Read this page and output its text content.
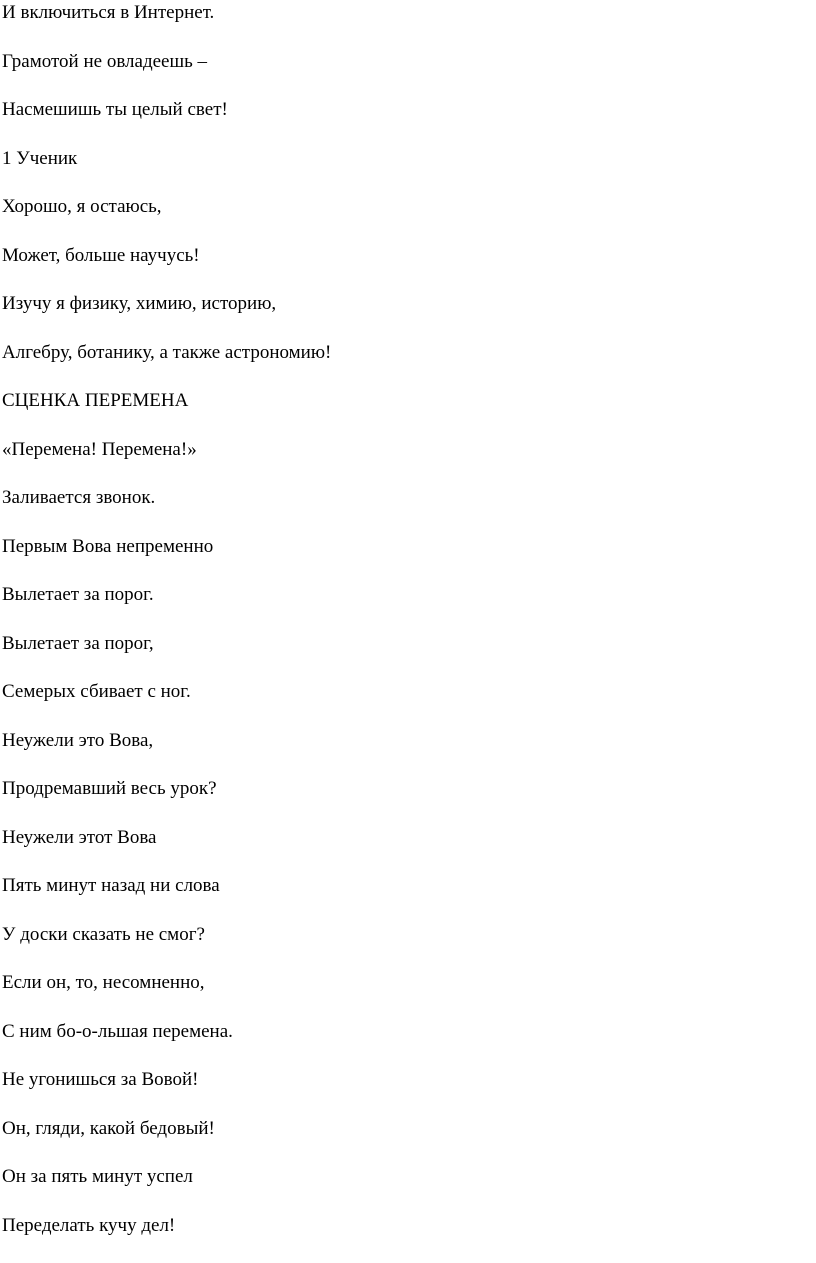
И включиться в Интернет.
Грамотой не овладеешь –
Насмешишь ты целый свет!
1 Ученик
Хорошо, я остаюсь,
Может, больше научусь!
Изучу я физику, химию, историю,
Алгебру, ботанику, а также астрономию!
СЦЕНКА ПЕРЕМЕНА
«Перемена! Перемена!»
Заливается звонок.
Первым Вова непременно
Вылетает за порог.
Вылетает за порог,
Семерых сбивает с ног.
Неужели это Вова,
Продремавший весь урок?
Неужели этот Вова
Пять минут назад ни слова
У доски сказать не смог?
Если он, то, несомненно,
С ним бо-о-льшая перемена.
Не угонишься за Вовой!
Он, гляди, какой бедовый!
Он за пять минут успел
Переделать кучу дел!
